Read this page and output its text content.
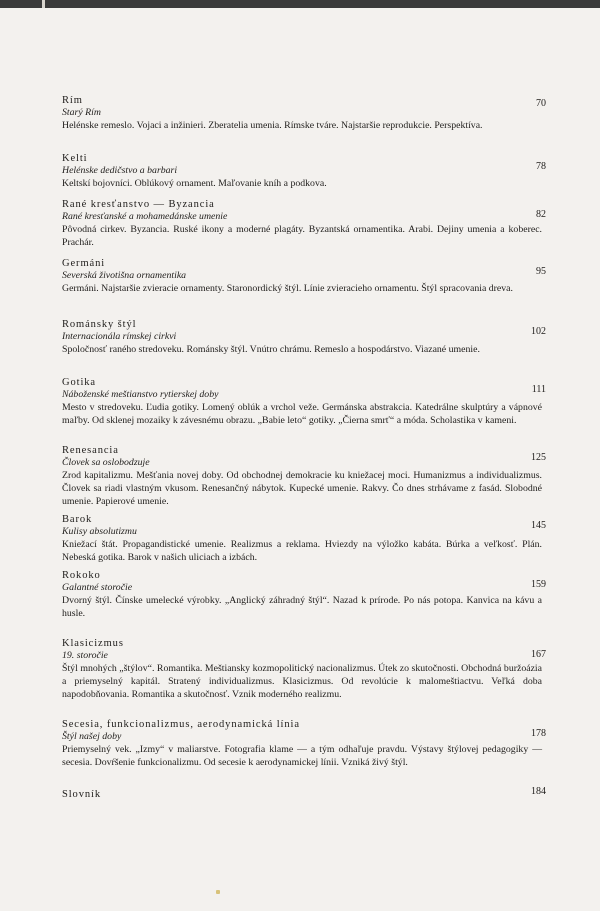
Rím
Starý Rím
Helénske remeslo. Vojaci a inžinieri. Zberatelia umenia. Rímske tváre. Najstaršie reprodukcie. Perspektíva.
70
Kelti
Helénske dedičstvo a barbari
Keltskí bojovníci. Oblúkový ornament. Maľovanie kníh a podkova.
78
Rané kresťanstvo — Byzancia
Rané kresťanské a mohamedánske umenie
Pôvodná cirkev. Byzancia. Ruské ikony a moderné plagáty. Byzantská ornamentika. Arabi. Dejiny umenia a koberec. Prachár.
82
Germáni
Severská životišna ornamentika
Germáni. Najstaršie zvieracie ornamenty. Staronordický štýl. Línie zvieracieho ornamentu. Štýl spracovania dreva.
95
Románsky štýl
Internacionála rímskej cirkvi
Spoločnosť raného stredoveku. Románsky štýl. Vnútro chrámu. Remeslo a hospodárstvo. Viazané umenie.
102
Gotika
Náboženské meštianstvo rytierskej doby
Mesto v stredoveku. Ľudia gotiky. Lomený oblúk a vrchol veže. Germánska abstrakcia. Katedrálne skulptúry a vápnové maľby. Od sklenej mozaiky k závesnému obrazu. „Babie leto“ gotiky. „Čierna smrť“ a móda. Scholastika v kameni.
111
Renesancia
Človek sa oslobodzuje
Zrod kapitalizmu. Mešťania novej doby. Od obchodnej demokracie ku kniežacej moci. Humanizmus a individualizmus. Človek sa riadi vlastným vkusom. Renesančný nábytok. Kupecké umenie. Rakvy. Čo dnes strhávame z fasád. Slobodné umenie. Papierové umenie.
125
Barok
Kulisy absolutizmu
Kniežací štát. Propagandistické umenie. Realizmus a reklama. Hviezdy na výložko kabáta. Búrka a veľkosť. Plán. Nebeská gotika. Barok v našich uliciach a izbách.
145
Rokoko
Galantné storočie
Dvorný štýl. Čínske umelecké výrobky. „Anglický záhradný štýl“. Nazad k prírode. Po nás potopa. Kanvica na kávu a husle.
159
Klasicizmus
19. storočie
Štýl mnohých „štýlov“. Romantika. Meštiansky kozmopolitický nacionalizmus. Útek zo skutočnosti. Obchodná buržoázia a priemyselný kapitál. Stratený individualizmus. Klasicizmus. Od revolúcie k malomeštiactvu. Veľká doba napodobňovania. Romantika a skutočnosť. Vznik moderného realizmu.
167
Secesia, funkcionalizmus, aerodynamická línia
Štýl našej doby
Priemyselný vek. „Izmy“ v maliarstve. Fotografia klame — a tým odhaľuje pravdu. Výstavy štýlovej pedagogiky — secesia. Dovŕšenie funkcionalizmu. Od secesie k aerodynamickej línii. Vzniká živý štýl.
178
Slovník	184
